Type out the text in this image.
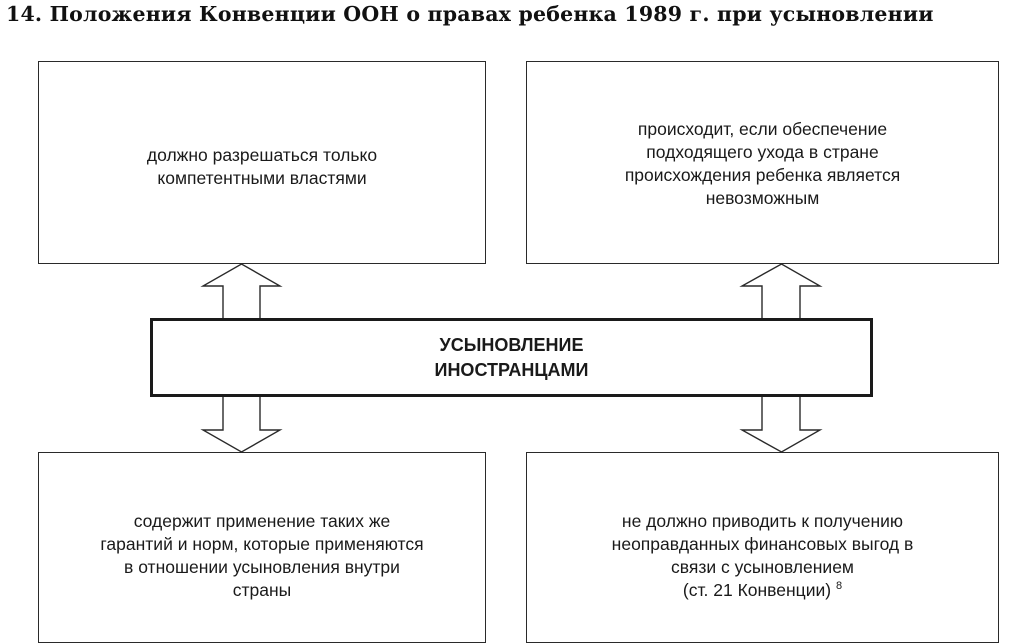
14. Положения Конвенции ООН о правах ребенка 1989 г. при усыновлении
должно разрешаться только
компетентными властями
происходит, если обеспечение
подходящего ухода в стране
происхождения ребенка является
невозможным
УСЫНОВЛЕНИЕ
ИНОСТРАНЦАМИ
содержит применение таких же
гарантий и норм, которые применяются
в отношении усыновления внутри
страны
не должно приводить к получению
неоправданных финансовых выгод в
связи с усыновлением
(ст. 21 Конвенции) $^8$
